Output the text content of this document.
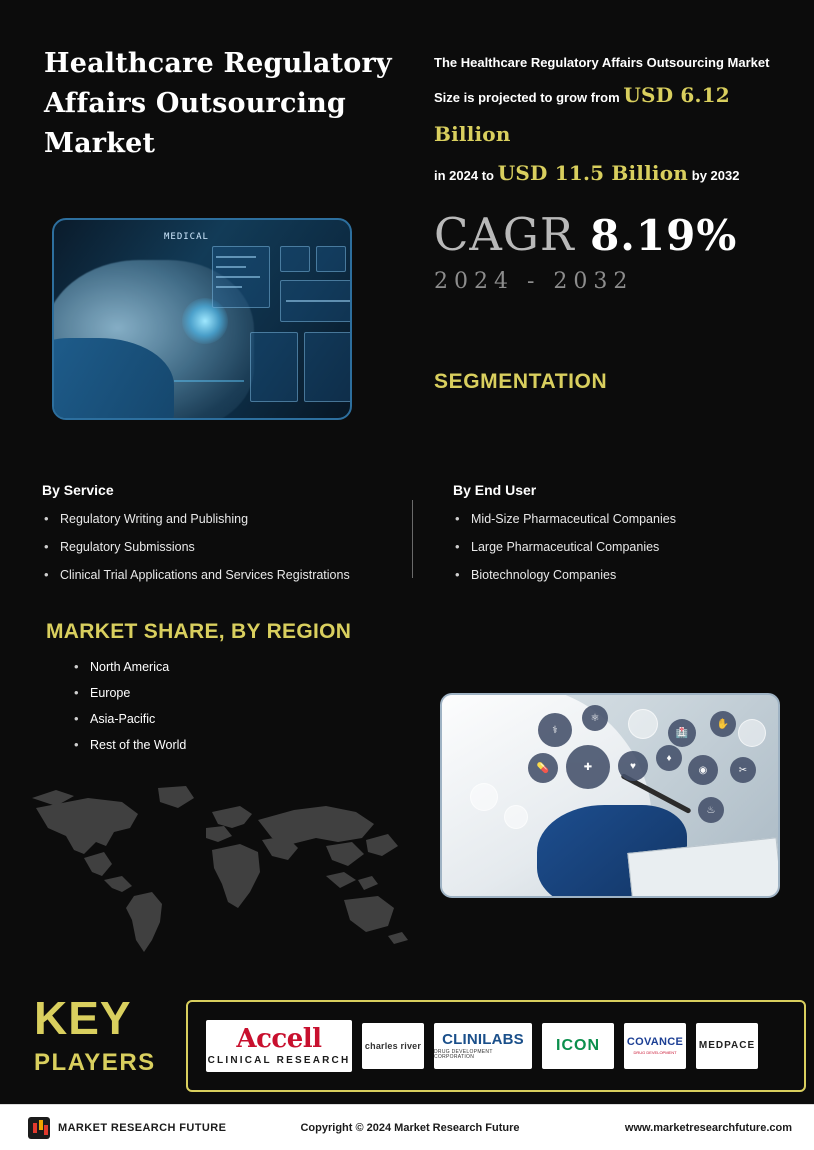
Healthcare Regulatory Affairs Outsourcing Market
The Healthcare Regulatory Affairs Outsourcing Market
Size is projected to grow from USD 6.12 Billion
in 2024 to USD 11.5 Billion by 2032
CAGR 8.19%
2024 - 2032
SEGMENTATION
MEDICAL
By Service
• Regulatory Writing and Publishing
• Regulatory Submissions
• Clinical Trial Applications and Services Registrations
By End User
• Mid-Size Pharmaceutical Companies
• Large Pharmaceutical Companies
• Biotechnology Companies
MARKET SHARE, BY REGION
• North America
• Europe
• Asia-Pacific
• Rest of the World
⚕
⚛
🏥
✋
💊	✚	♥
♦
◉	✂
♨
KEY
PLAYERS
Accell
CLINICAL RESEARCH
charles river CLINILABS
DRUG DEVELOPMENT CORPORATION
ICON COVANCE
DRUG DEVELOPMENT
MEDPACE
MARKET RESEARCH FUTURE	Copyright © 2024 Market Research Future	www.marketresearchfuture.com
